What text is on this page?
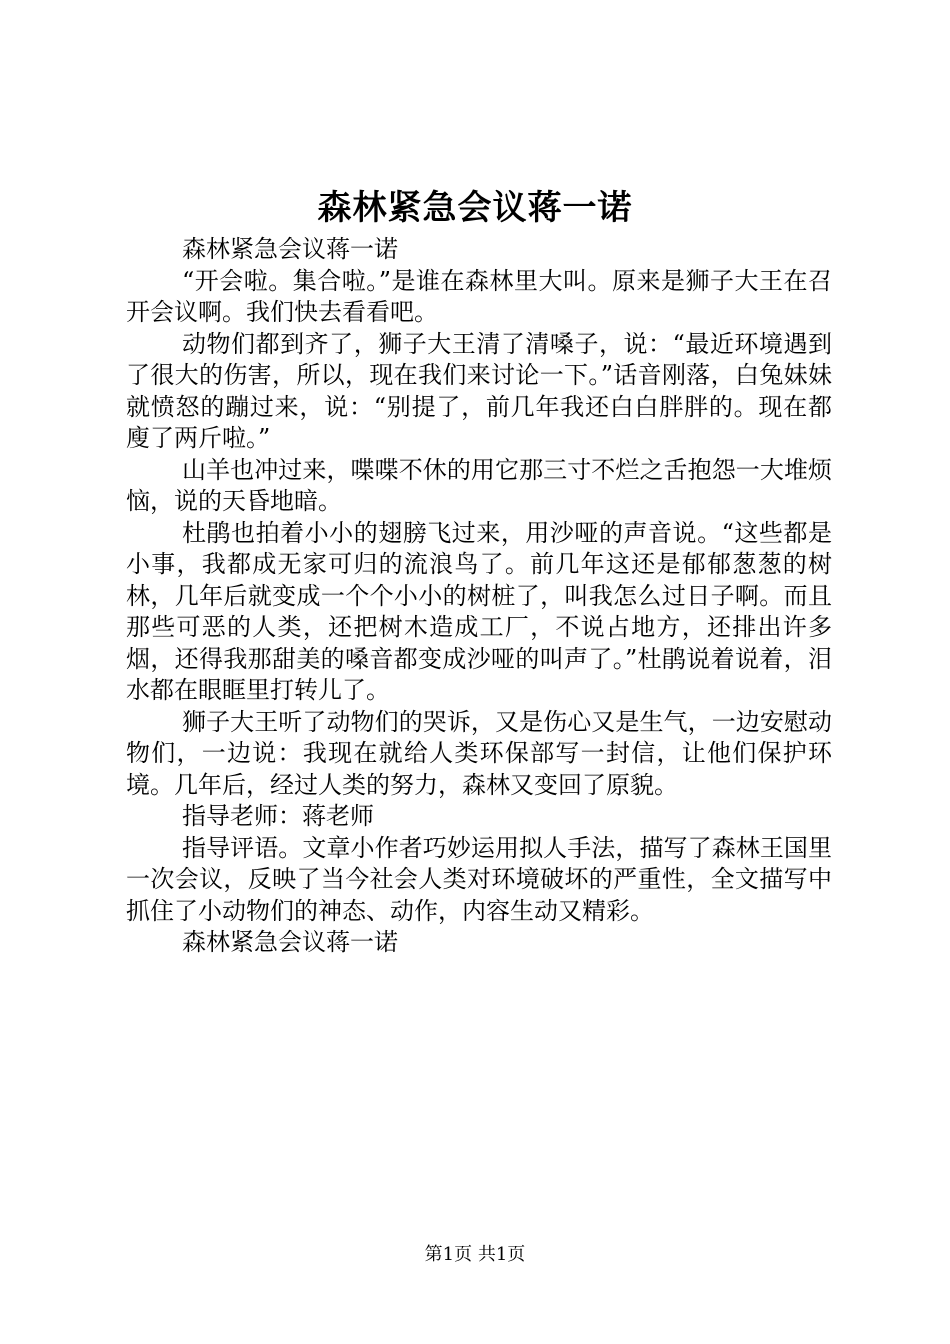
森林紧急会议蒋一诺

森林紧急会议蒋一诺

“开会啦。集合啦。”是谁在森林里大叫。原来是狮子大王在召开会议啊。我们快去看看吧。

动物们都到齐了，狮子大王清了清嗓子，说：“最近环境遇到了很大的伤害，所以，现在我们来讨论一下。”话音刚落，白兔妹妹就愤怒的蹦过来，说：“别提了，前几年我还白白胖胖的。现在都廋了两斤啦。”

山羊也冲过来，喋喋不休的用它那三寸不烂之舌抱怨一大堆烦恼，说的天昏地暗。

杜鹃也拍着小小的翅膀飞过来，用沙哑的声音说。“这些都是小事，我都成无家可归的流浪鸟了。前几年这还是郁郁葱葱的树林，几年后就变成一个个小小的树桩了，叫我怎么过日子啊。而且那些可恶的人类，还把树木造成工厂，不说占地方，还排出许多烟，还得我那甜美的嗓音都变成沙哑的叫声了。”杜鹃说着说着，泪水都在眼眶里打转儿了。

狮子大王听了动物们的哭诉，又是伤心又是生气，一边安慰动物们，一边说：我现在就给人类环保部写一封信，让他们保护环境。几年后，经过人类的努力，森林又变回了原貌。

指导老师：蒋老师

指导评语。文章小作者巧妙运用拟人手法，描写了森林王国里一次会议，反映了当今社会人类对环境破坏的严重性，全文描写中抓住了小动物们的神态、动作，内容生动又精彩。

森林紧急会议蒋一诺

第1页 共1页
